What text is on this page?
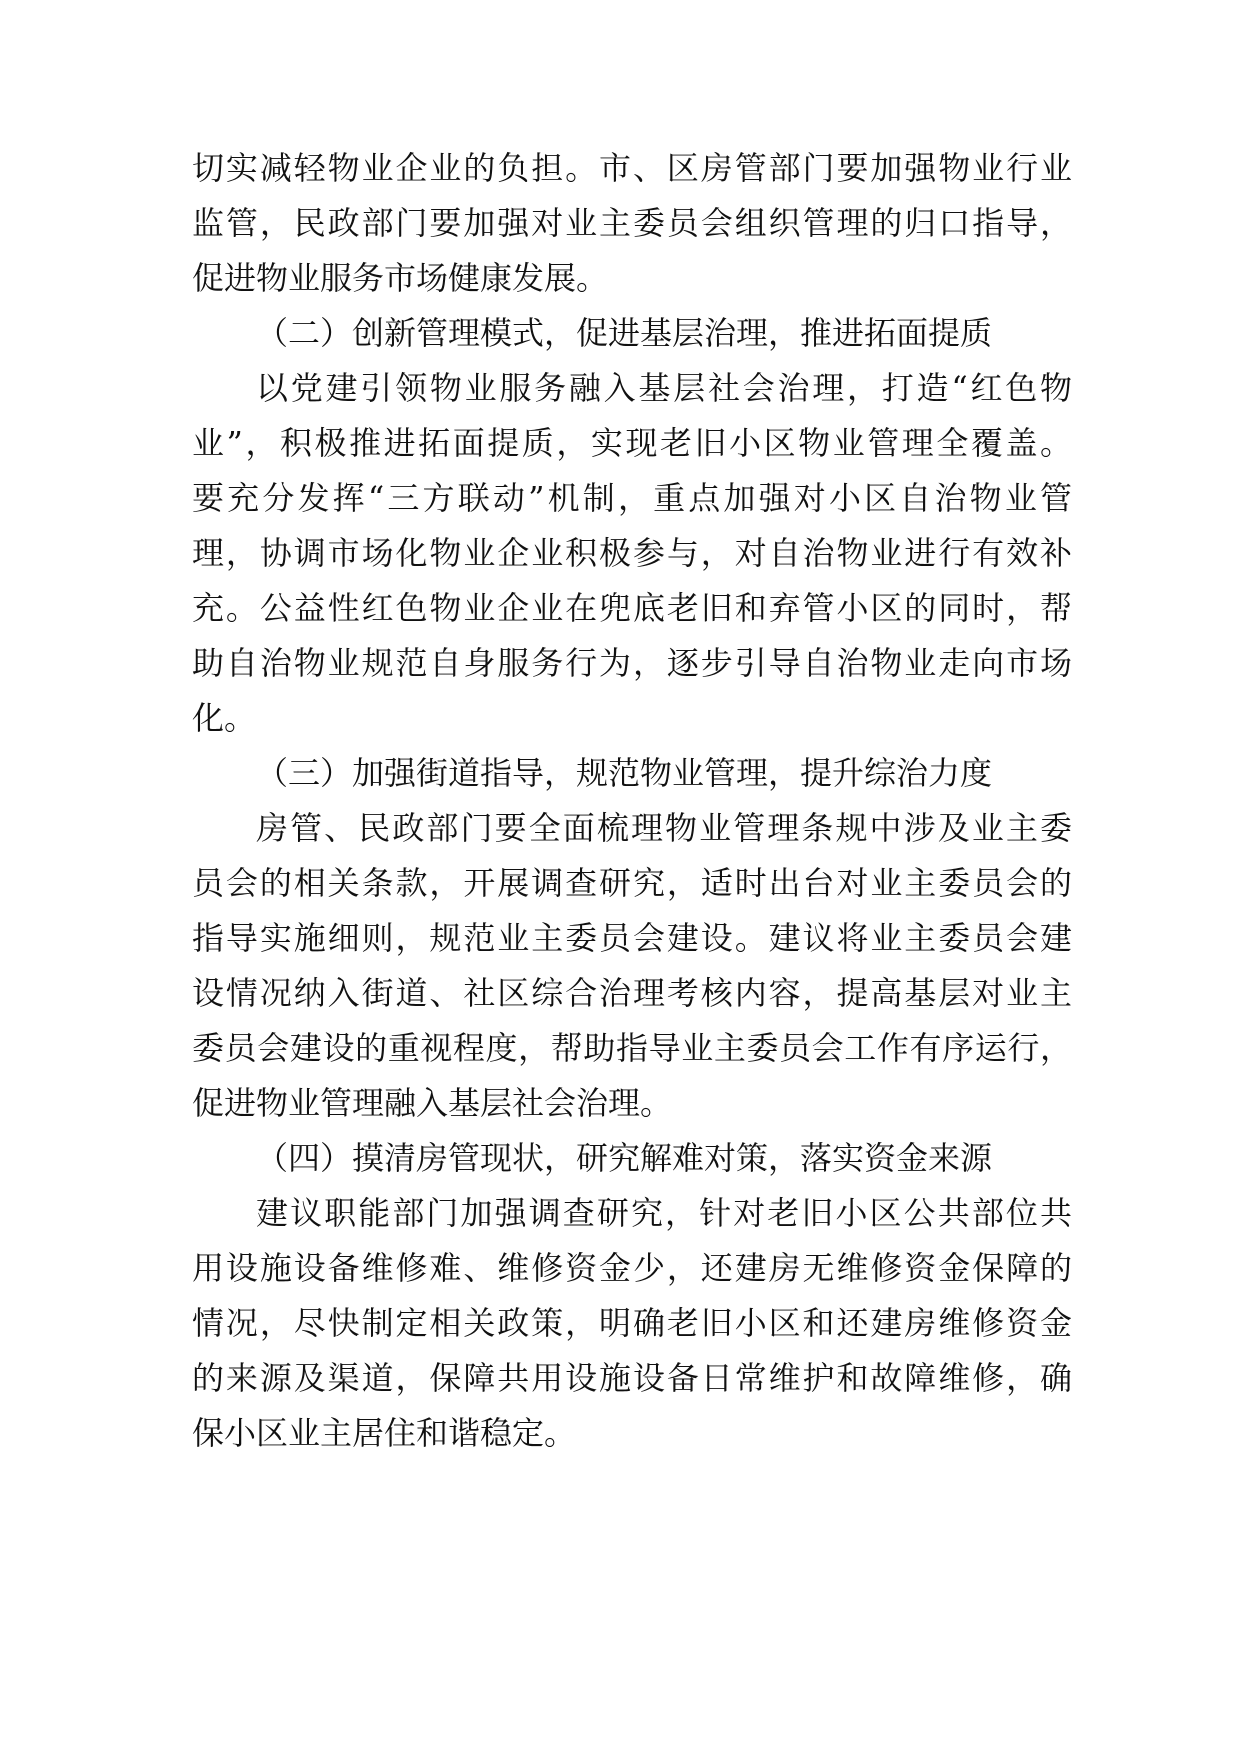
切实减轻物业企业的负担。市、区房管部门要加强物业行业
监管，民政部门要加强对业主委员会组织管理的归口指导，
促进物业服务市场健康发展。
（二）创新管理模式，促进基层治理，推进拓面提质
以党建引领物业服务融入基层社会治理，打造“红色物
业”，积极推进拓面提质，实现老旧小区物业管理全覆盖。
要充分发挥“三方联动”机制，重点加强对小区自治物业管
理，协调市场化物业企业积极参与，对自治物业进行有效补
充。公益性红色物业企业在兜底老旧和弃管小区的同时，帮
助自治物业规范自身服务行为，逐步引导自治物业走向市场
化。
（三）加强街道指导，规范物业管理，提升综治力度
房管、民政部门要全面梳理物业管理条规中涉及业主委
员会的相关条款，开展调查研究，适时出台对业主委员会的
指导实施细则，规范业主委员会建设。建议将业主委员会建
设情况纳入街道、社区综合治理考核内容，提高基层对业主
委员会建设的重视程度，帮助指导业主委员会工作有序运行，
促进物业管理融入基层社会治理。
（四）摸清房管现状，研究解难对策，落实资金来源
建议职能部门加强调查研究，针对老旧小区公共部位共
用设施设备维修难、维修资金少，还建房无维修资金保障的
情况，尽快制定相关政策，明确老旧小区和还建房维修资金
的来源及渠道，保障共用设施设备日常维护和故障维修，确
保小区业主居住和谐稳定。
